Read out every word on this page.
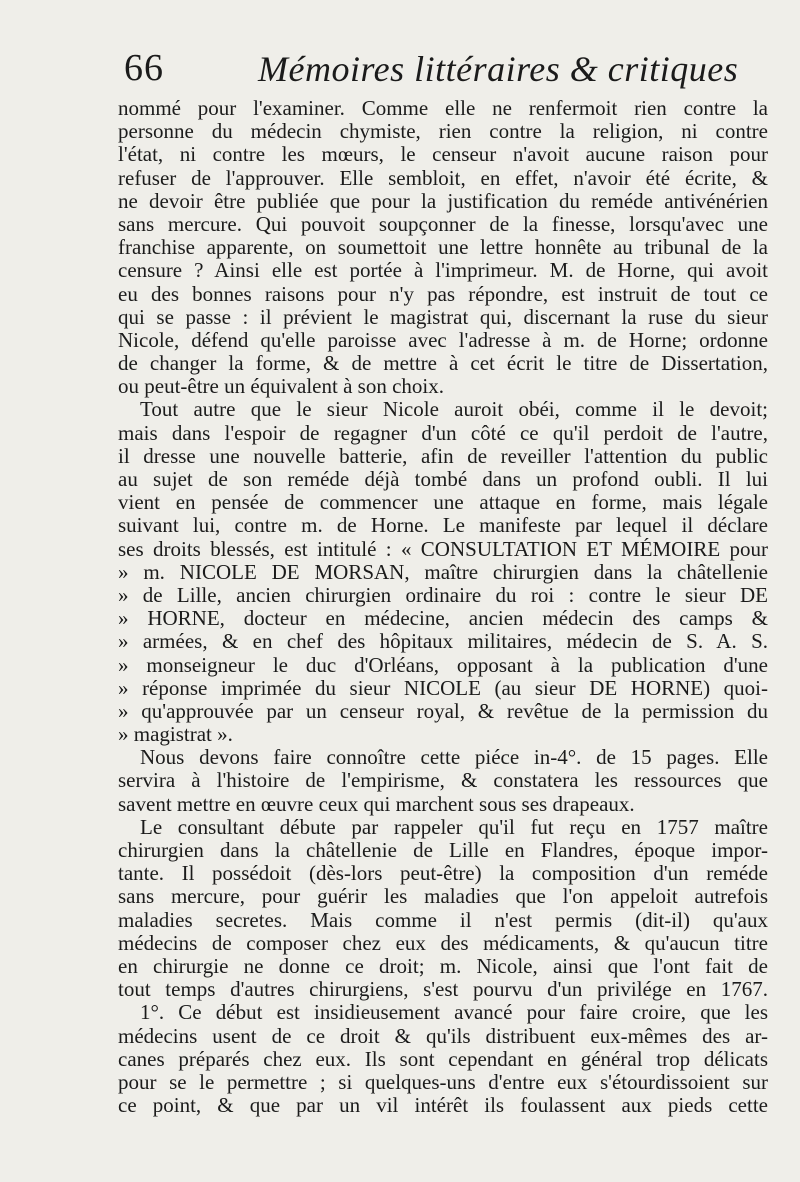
66	Mémoires littéraires & critiques
nommé pour l'examiner. Comme elle ne renfermoit rien contre la
personne du médecin chymiste, rien contre la religion, ni contre
l'état, ni contre les mœurs, le censeur n'avoit aucune raison pour
refuser de l'approuver. Elle sembloit, en effet, n'avoir été écrite, &
ne devoir être publiée que pour la justification du reméde antivénérien
sans mercure. Qui pouvoit soupçonner de la finesse, lorsqu'avec une
franchise apparente, on soumettoit une lettre honnête au tribunal de la
censure ? Ainsi elle est portée à l'imprimeur. M. de Horne, qui avoit
eu des bonnes raisons pour n'y pas répondre, est instruit de tout ce
qui se passe : il prévient le magistrat qui, discernant la ruse du sieur
Nicole, défend qu'elle paroisse avec l'adresse à m. de Horne; ordonne
de changer la forme, & de mettre à cet écrit le titre de Dissertation,
ou peut-être un équivalent à son choix.
Tout autre que le sieur Nicole auroit obéi, comme il le devoit;
mais dans l'espoir de regagner d'un côté ce qu'il perdoit de l'autre,
il dresse une nouvelle batterie, afin de reveiller l'attention du public
au sujet de son reméde déjà tombé dans un profond oubli. Il lui
vient en pensée de commencer une attaque en forme, mais légale
suivant lui, contre m. de Horne. Le manifeste par lequel il déclare
ses droits blessés, est intitulé : « CONSULTATION ET MÉMOIRE pour
» m. NICOLE DE MORSAN, maître chirurgien dans la châtellenie
» de Lille, ancien chirurgien ordinaire du roi : contre le sieur DE
» HORNE, docteur en médecine, ancien médecin des camps &
» armées, & en chef des hôpitaux militaires, médecin de S. A. S.
» monseigneur le duc d'Orléans, opposant à la publication d'une
» réponse imprimée du sieur NICOLE (au sieur DE HORNE) quoi-
» qu'approuvée par un censeur royal, & revêtue de la permission du
» magistrat ».
Nous devons faire connoître cette piéce in-4°. de 15 pages. Elle
servira à l'histoire de l'empirisme, & constatera les ressources que
savent mettre en œuvre ceux qui marchent sous ses drapeaux.
Le consultant débute par rappeler qu'il fut reçu en 1757 maître
chirurgien dans la châtellenie de Lille en Flandres, époque impor-
tante. Il possédoit (dès-lors peut-être) la composition d'un reméde
sans mercure, pour guérir les maladies que l'on appeloit autrefois
maladies secretes. Mais comme il n'est permis (dit-il) qu'aux
médecins de composer chez eux des médicaments, & qu'aucun titre
en chirurgie ne donne ce droit; m. Nicole, ainsi que l'ont fait de
tout temps d'autres chirurgiens, s'est pourvu d'un privilége en 1767.
1°. Ce début est insidieusement avancé pour faire croire, que les
médecins usent de ce droit & qu'ils distribuent eux-mêmes des ar-
canes préparés chez eux. Ils sont cependant en général trop délicats
pour se le permettre ; si quelques-uns d'entre eux s'étourdissoient sur
ce point, & que par un vil intérêt ils foulassent aux pieds cette
